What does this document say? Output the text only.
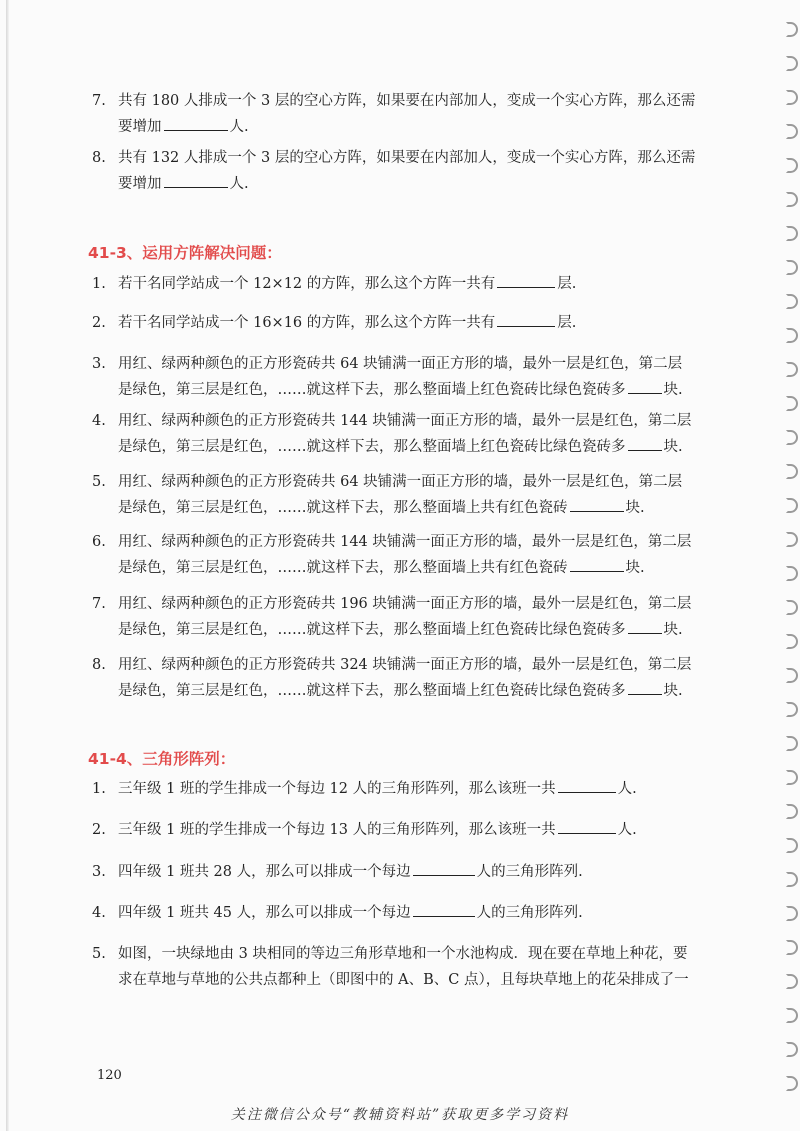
7. 共有 180 人排成一个 3 层的空心方阵，如果要在内部加人，变成一个实心方阵，那么还需
要增加	人.
8. 共有 132 人排成一个 3 层的空心方阵，如果要在内部加人，变成一个实心方阵，那么还需
要增加	人.
41-3、运用方阵解决问题：
1. 若干名同学站成一个 12×12 的方阵，那么这个方阵一共有	层.
2. 若干名同学站成一个 16×16 的方阵，那么这个方阵一共有	层.
3. 用红、绿两种颜色的正方形瓷砖共 64 块铺满一面正方形的墙，最外一层是红色，第二层
是绿色，第三层是红色，……就这样下去，那么整面墙上红色瓷砖比绿色瓷砖多	块.
4. 用红、绿两种颜色的正方形瓷砖共 144 块铺满一面正方形的墙，最外一层是红色，第二层
是绿色，第三层是红色，……就这样下去，那么整面墙上红色瓷砖比绿色瓷砖多	块.
5. 用红、绿两种颜色的正方形瓷砖共 64 块铺满一面正方形的墙，最外一层是红色，第二层
是绿色，第三层是红色，……就这样下去，那么整面墙上共有红色瓷砖	块.
6. 用红、绿两种颜色的正方形瓷砖共 144 块铺满一面正方形的墙，最外一层是红色，第二层
是绿色，第三层是红色，……就这样下去，那么整面墙上共有红色瓷砖	块.
7. 用红、绿两种颜色的正方形瓷砖共 196 块铺满一面正方形的墙，最外一层是红色，第二层
是绿色，第三层是红色，……就这样下去，那么整面墙上红色瓷砖比绿色瓷砖多	块.
8. 用红、绿两种颜色的正方形瓷砖共 324 块铺满一面正方形的墙，最外一层是红色，第二层
是绿色，第三层是红色，……就这样下去，那么整面墙上红色瓷砖比绿色瓷砖多	块.
41-4、三角形阵列：
1. 三年级 1 班的学生排成一个每边 12 人的三角形阵列，那么该班一共	人.
2. 三年级 1 班的学生排成一个每边 13 人的三角形阵列，那么该班一共	人.
3. 四年级 1 班共 28 人，那么可以排成一个每边	人的三角形阵列.
4. 四年级 1 班共 45 人，那么可以排成一个每边	人的三角形阵列.
5. 如图，一块绿地由 3 块相同的等边三角形草地和一个水池构成．现在要在草地上种花，要
求在草地与草地的公共点都种上（即图中的 A、B、C 点），且每块草地上的花朵排成了一
120
关注微信公众号“教辅资料站”获取更多学习资料
